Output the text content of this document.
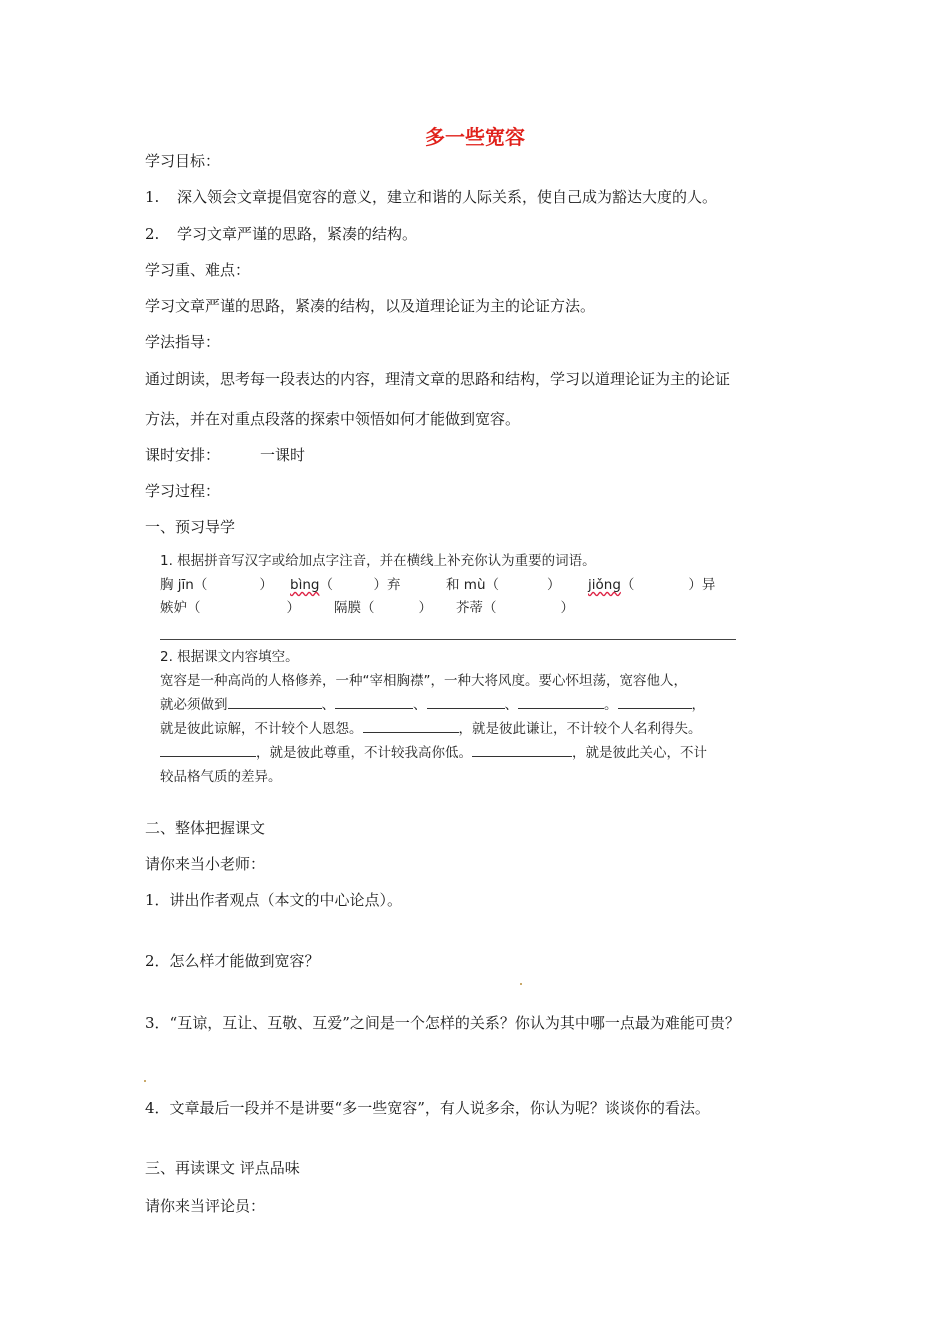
多一些宽容
学习目标：
1. 深入领会文章提倡宽容的意义，建立和谐的人际关系，使自己成为豁达大度的人。
2. 学习文章严谨的思路，紧凑的结构。
学习重、难点：
学习文章严谨的思路，紧凑的结构，以及道理论证为主的论证方法。
学法指导：
通过朗读，思考每一段表达的内容，理清文章的思路和结构，学习以道理论证为主的论证
方法，并在对重点段落的探索中领悟如何才能做到宽容。
课时安排：	一课时
学习过程：
一、预习导学
1. 根据拼音写汉字或给加点字注音，并在横线上补充你认为重要的词语。
胸 jīn（	） bìng（　　　）弃	和 mù（	） jiǒng（　　　　）异
嫉妒（	）	隔膜（	） 芥蒂（	）
2. 根据课文内容填空。
宽容是一种高尚的人格修养，一种“宰相胸襟”，一种大将风度。要心怀坦荡，宽容他人，
就必须做到	、	、	、	。	，
就是彼此谅解，不计较个人恩怨。	，就是彼此谦让，不计较个人名利得失。
，就是彼此尊重，不计较我高你低。	，就是彼此关心，不计
较品格气质的差异。
二、整体把握课文
请你来当小老师：
1．讲出作者观点（本文的中心论点）。
2．怎么样才能做到宽容？
3．“互谅，互让、互敬、互爱”之间是一个怎样的关系？你认为其中哪一点最为难能可贵？
4．文章最后一段并不是讲要“多一些宽容”，有人说多余，你认为呢？谈谈你的看法。
三、再读课文 评点品味
请你来当评论员：
